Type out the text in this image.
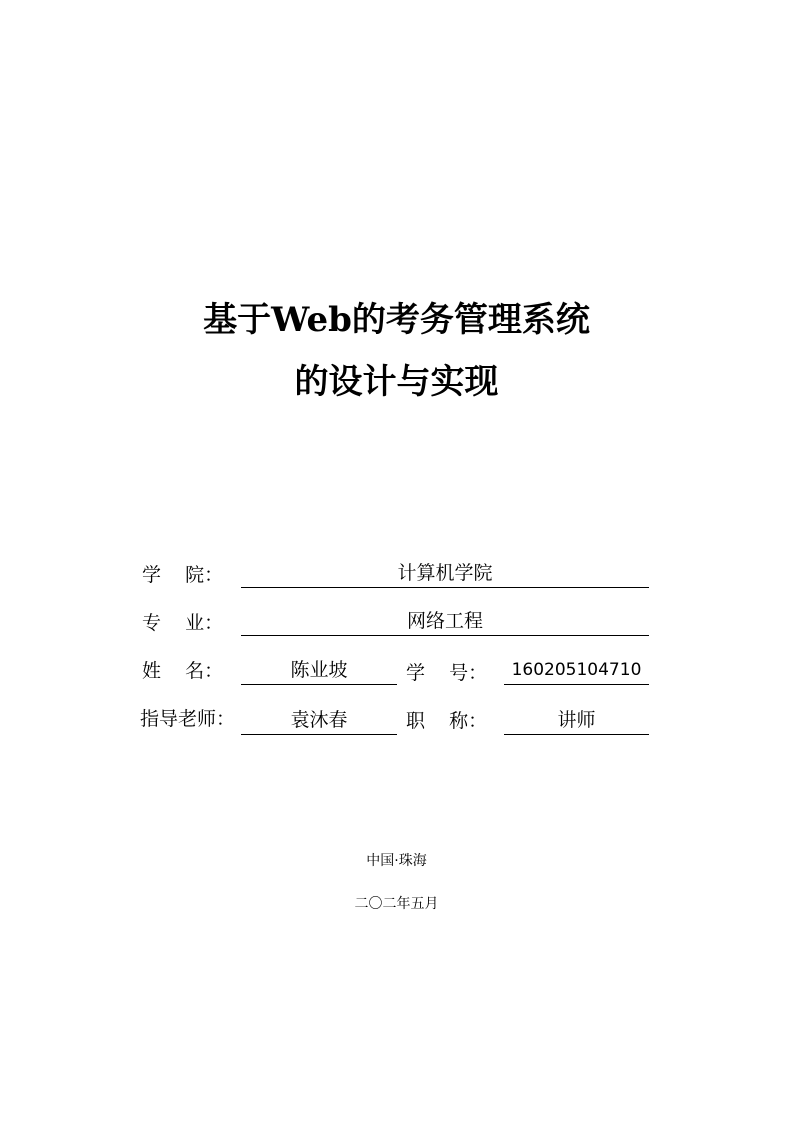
基于Web的考务管理系统
的设计与实现
学    院：	计算机学院
专    业：	网络工程
姓    名：	陈业坡	学    号：	160205104710
指导老师：	袁沐春	职    称：	讲师
中国·珠海
二〇二年五月
